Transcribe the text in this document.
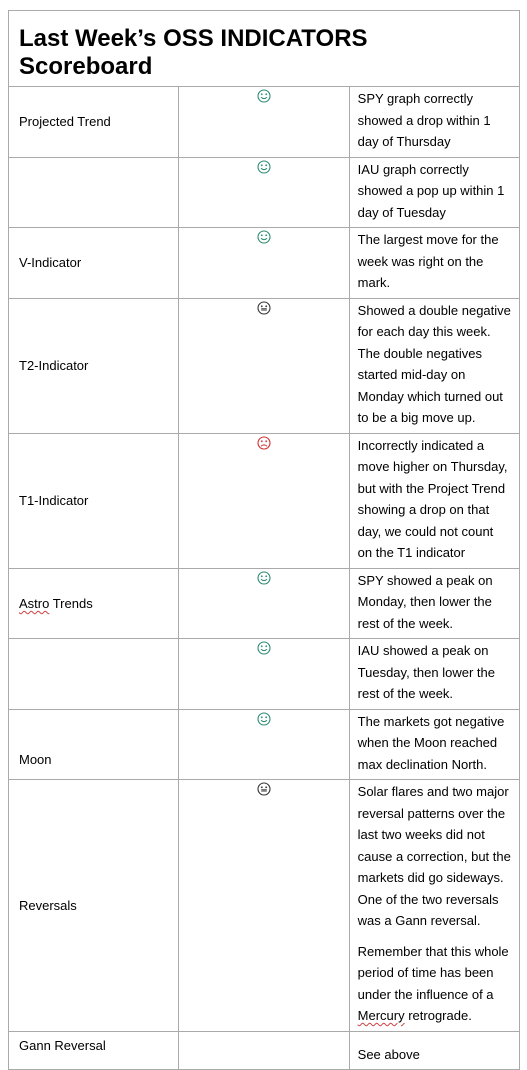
Last Week’s OSS INDICATORS
Scoreboard		

Projected Trend		SPY graph correctly showed a drop within 1 day of Thursday
		IAU graph correctly showed a pop up within 1 day of Tuesday
V-Indicator		The largest move for the week was right on the mark.
T2-Indicator		Showed a double negative for each day this week. The double negatives started mid-day on Monday which turned out to be a big move up.
T1-Indicator		Incorrectly indicated a move higher on Thursday, but with the Project Trend showing a drop on that day, we could not count on the T1 indicator
Astro Trends		SPY showed a peak on Monday, then lower the rest of the week.
		IAU showed a peak on Tuesday, then lower the rest of the week.
Moon		The markets got negative when the Moon reached max declination North.
Reversals		Solar flares and two major reversal patterns over the last two weeks did not cause a correction, but the markets did go sideways. One of the two reversals was a Gann reversal.

Remember that this whole period of time has been under the influence of a Mercury retrograde.

Gann Reversal		See above
